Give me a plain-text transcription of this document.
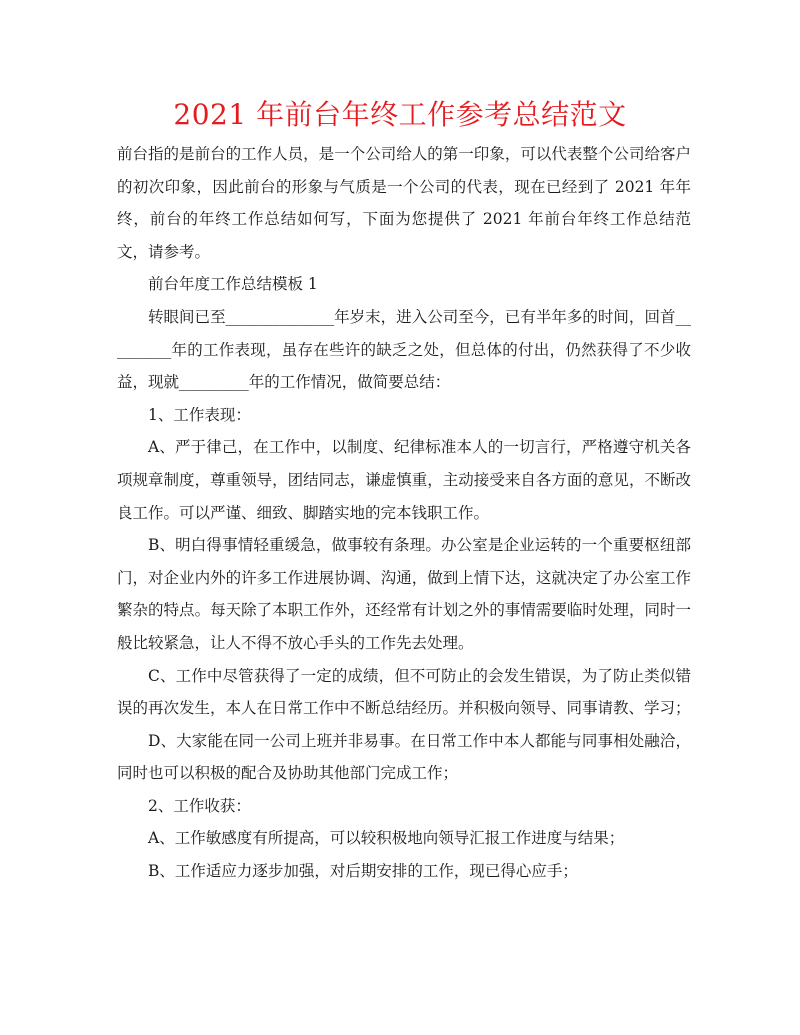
2021 年前台年终工作参考总结范文

前台指的是前台的工作人员，是一个公司给人的第一印象，可以代表整个公司给客户的初次印象，因此前台的形象与气质是一个公司的代表，现在已经到了 2021 年年终，前台的年终工作总结如何写，下面为您提供了 2021 年前台年终工作总结范文，请参考。

前台年度工作总结模板 1

转眼间已至______________年岁末，进入公司至今，已有半年多的时间，回首_________年的工作表现，虽存在些许的缺乏之处，但总体的付出，仍然获得了不少收益，现就_________年的工作情况，做简要总结：

1、工作表现：

A、严于律己，在工作中，以制度、纪律标准本人的一切言行，严格遵守机关各项规章制度，尊重领导，团结同志，谦虚慎重，主动接受来自各方面的意见，不断改良工作。可以严谨、细致、脚踏实地的完本钱职工作。

B、明白得事情轻重缓急，做事较有条理。办公室是企业运转的一个重要枢纽部门，对企业内外的许多工作进展协调、沟通，做到上情下达，这就决定了办公室工作繁杂的特点。每天除了本职工作外，还经常有计划之外的事情需要临时处理，同时一般比较紧急，让人不得不放心手头的工作先去处理。

C、工作中尽管获得了一定的成绩，但不可防止的会发生错误，为了防止类似错误的再次发生，本人在日常工作中不断总结经历。并积极向领导、同事请教、学习；

D、大家能在同一公司上班并非易事。在日常工作中本人都能与同事相处融洽，同时也可以积极的配合及协助其他部门完成工作；

2、工作收获：

A、工作敏感度有所提高，可以较积极地向领导汇报工作进度与结果；

B、工作适应力逐步加强，对后期安排的工作，现已得心应手；
